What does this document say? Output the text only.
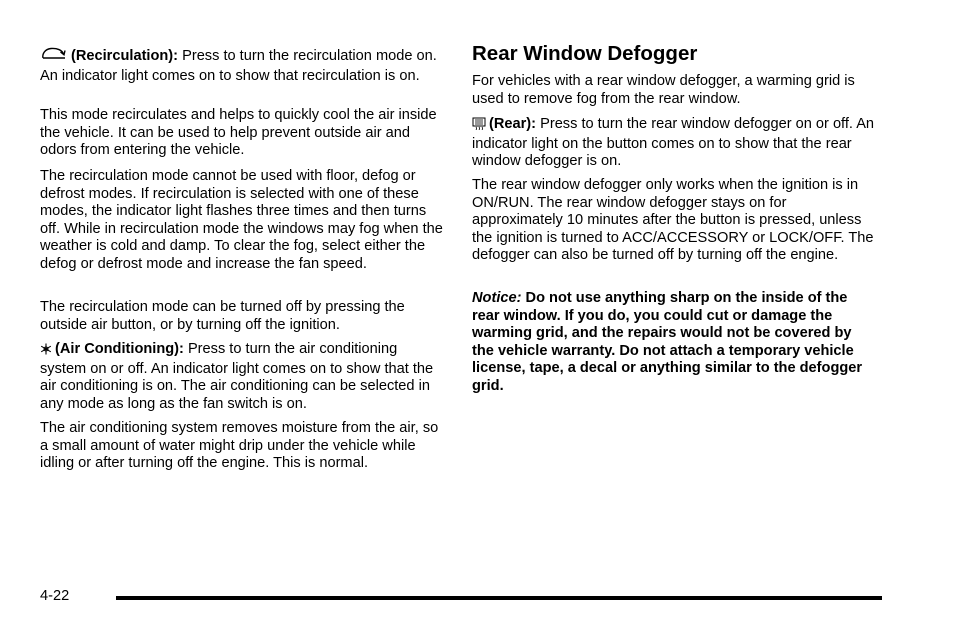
(Recirculation): Press to turn the recirculation mode on. An indicator light comes on to show that recirculation is on.

This mode recirculates and helps to quickly cool the air inside the vehicle. It can be used to help prevent outside air and odors from entering the vehicle.

The recirculation mode cannot be used with floor, defog or defrost modes. If recirculation is selected with one of these modes, the indicator light flashes three times and then turns off. While in recirculation mode the windows may fog when the weather is cold and damp. To clear the fog, select either the defog or defrost mode and increase the fan speed.

The recirculation mode can be turned off by pressing the outside air button, or by turning off the ignition.

(Air Conditioning): Press to turn the air conditioning system on or off. An indicator light comes on to show that the air conditioning is on. The air conditioning can be selected in any mode as long as the fan switch is on.

The air conditioning system removes moisture from the air, so a small amount of water might drip under the vehicle while idling or after turning off the engine. This is normal.

Rear Window Defogger

For vehicles with a rear window defogger, a warming grid is used to remove fog from the rear window.

(Rear): Press to turn the rear window defogger on or off. An indicator light on the button comes on to show that the rear window defogger is on.

The rear window defogger only works when the ignition is in ON/RUN. The rear window defogger stays on for approximately 10 minutes after the button is pressed, unless the ignition is turned to ACC/ACCESSORY or LOCK/OFF. The defogger can also be turned off by turning off the engine.

Notice: Do not use anything sharp on the inside of the rear window. If you do, you could cut or damage the warming grid, and the repairs would not be covered by the vehicle warranty. Do not attach a temporary vehicle license, tape, a decal or anything similar to the defogger grid.

4-22
